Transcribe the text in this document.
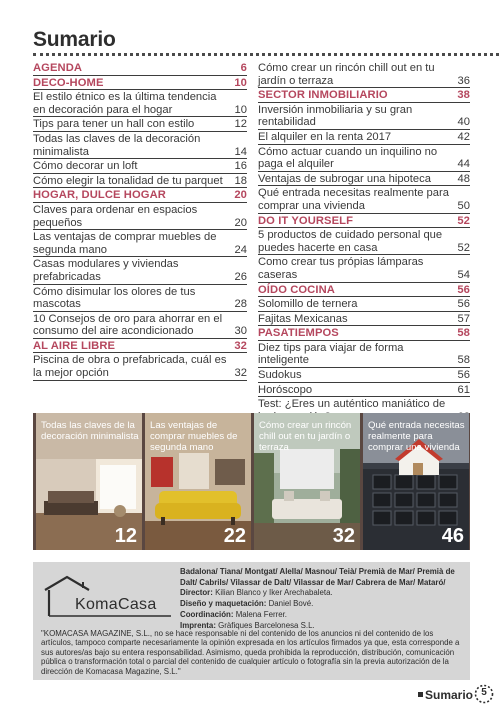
Sumario
AGENDA	6
DECO-HOME	10
El estilo étnico es la última tendencia en decoración para el hogar	10
Tips para tener un hall con estilo	12
Todas las claves de la decoración minimalista	14
Cómo decorar un loft	16
Cómo elegir la tonalidad de tu parquet	18
HOGAR, DULCE HOGAR	20
Claves para ordenar en espacios pequeños	20
Las ventajas de comprar muebles de segunda mano	24
Casas modulares y viviendas prefabricadas	26
Cómo disimular los olores de tus mascotas	28
10 Consejos de oro para ahorrar en el consumo del aire acondicionado	30
AL AIRE LIBRE	32
Piscina de obra o prefabricada, cuál es la mejor opción	32
Cómo crear un rincón chill out en tu jardín o terraza	36
SECTOR INMOBILIARIO	38
Inversión inmobiliaria y su gran rentabilidad	40
El alquiler en la renta 2017	42
Cómo actuar cuando un inquilino no paga el alquiler	44
Ventajas de subrogar una hipoteca	48
Qué entrada necesitas realmente para comprar una vivienda	50
DO IT YOURSELF	52
5 productos de cuidado personal que puedes hacerte en casa	52
Como crear tus própias lámparas caseras	54
OÍDO COCINA	56
Solomillo de ternera	56
Fajitas Mexicanas	57
PASATIEMPOS	58
Diez tips para viajar de forma inteligente	58
Sudokus	56
Horóscopo	61
Test: ¿Eres un auténtico maniático de
Todas las claves de la decoración minimalista
12
Las ventajas de comprar muebles de segunda mano
22
Cómo crear un rincón chill out en tu jardín o terraza
32
Qué entrada necesitas realmente para comprar una vivienda
46
KomaCasa
Badalona/ Tiana/ Montgat/ Alella/ Masnou/ Teià/ Premià de Mar/ Premià de Dalt/ Cabrils/ Vilassar de Dalt/ Vilassar de Mar/ Cabrera de Mar/ Mataró/
Director: Kilian Blanco y Iker Arechabaleta.
Diseño y maquetación: Daniel Bové.
Coordinación: Malena Ferrer.
Imprenta: Gràfiques Barcelonesa S.L.
"KOMACASA MAGAZINE, S.L., no se hace responsable ni del contenido de los anuncios ni del contenido de los artículos, tampoco comparte necesariamente la opinión expresada en los artículos firmados ya que, esta corresponde a sus autores/as bajo su entera responsabilidad. Asimismo, queda prohibida la reproducción, distribución, comunicación pública o transformación total o parcial del contenido de cualquier artículo o fotografía sin la previa autorización de la dirección de Komacasa Magazine, S.L."
Sumario 5
